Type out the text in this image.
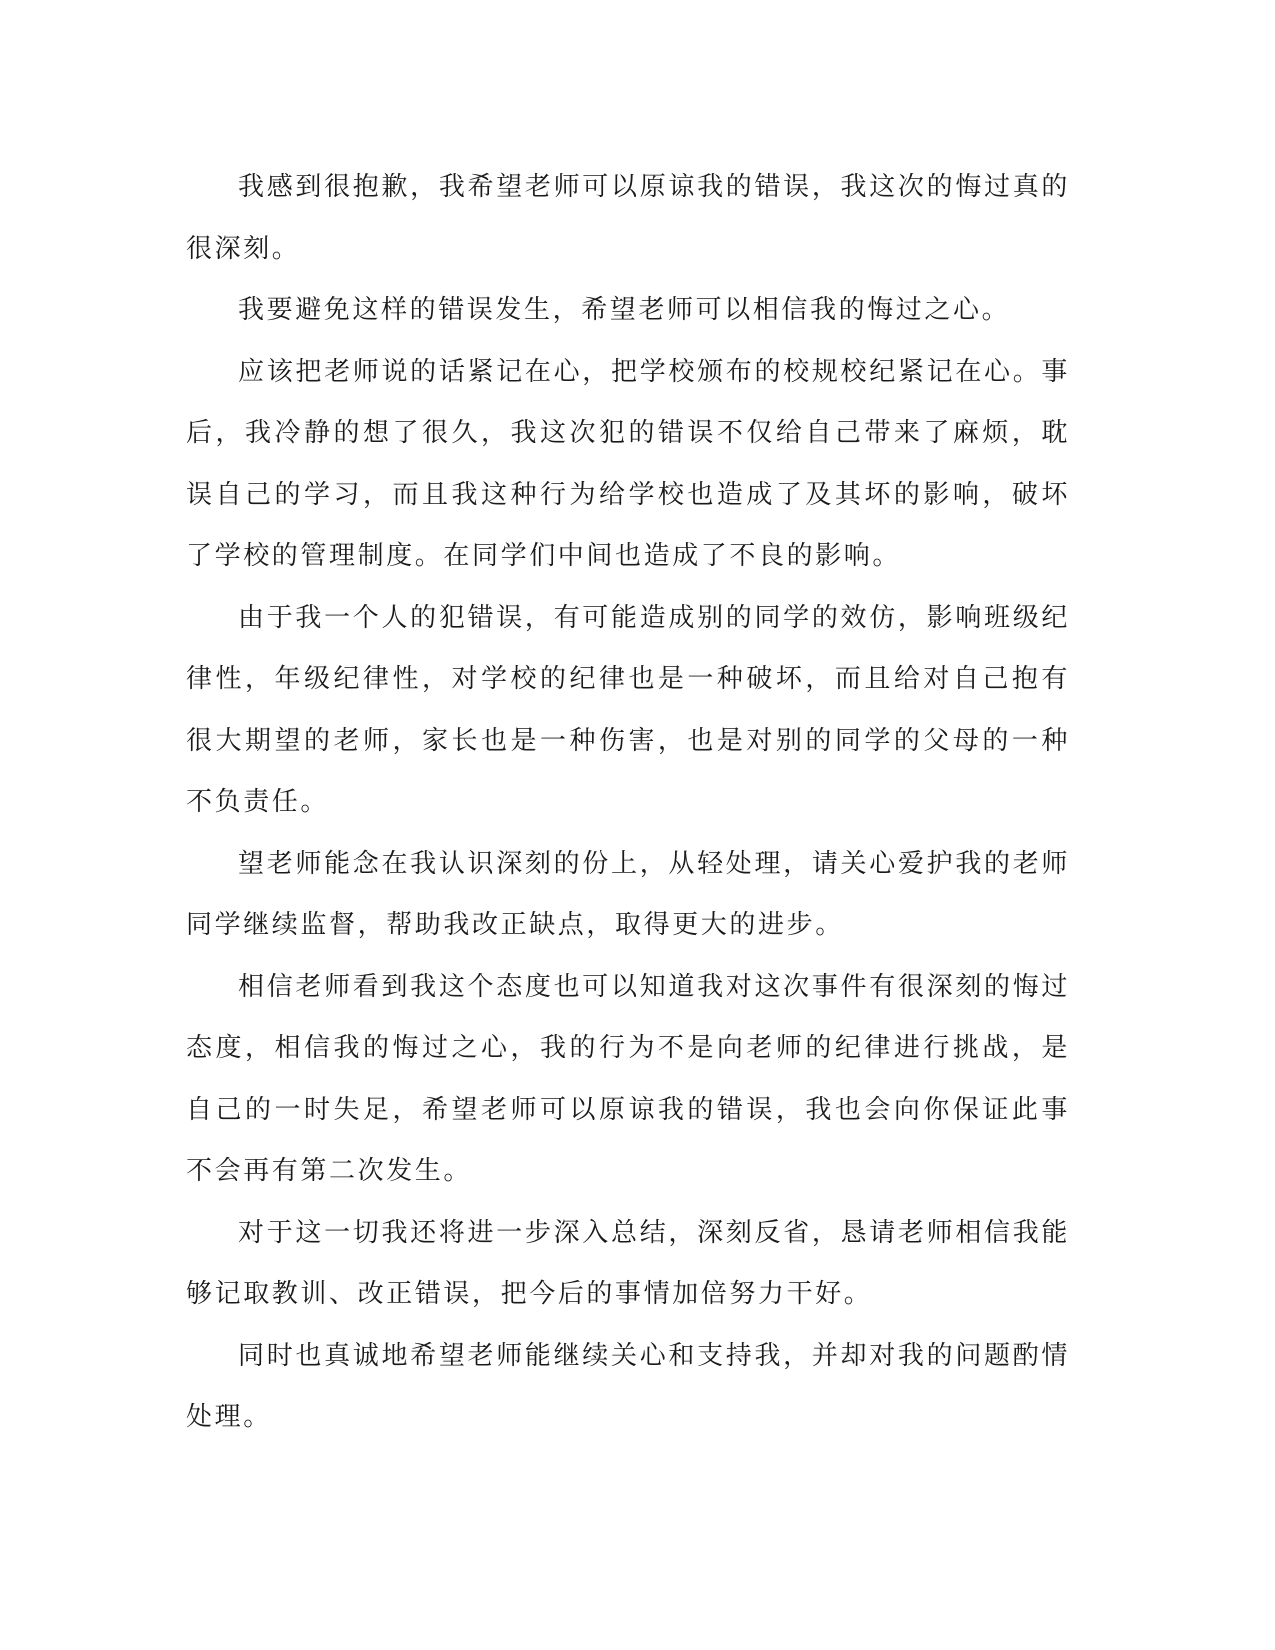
我感到很抱歉，我希望老师可以原谅我的错误，我这次的悔过真的很深刻。

我要避免这样的错误发生，希望老师可以相信我的悔过之心。

应该把老师说的话紧记在心，把学校颁布的校规校纪紧记在心。事后，我冷静的想了很久，我这次犯的错误不仅给自己带来了麻烦，耽误自己的学习，而且我这种行为给学校也造成了及其坏的影响，破坏了学校的管理制度。在同学们中间也造成了不良的影响。

由于我一个人的犯错误，有可能造成别的同学的效仿，影响班级纪律性，年级纪律性，对学校的纪律也是一种破坏，而且给对自己抱有很大期望的老师，家长也是一种伤害，也是对别的同学的父母的一种不负责任。

望老师能念在我认识深刻的份上，从轻处理，请关心爱护我的老师同学继续监督，帮助我改正缺点，取得更大的进步。

相信老师看到我这个态度也可以知道我对这次事件有很深刻的悔过态度，相信我的悔过之心，我的行为不是向老师的纪律进行挑战，是自己的一时失足，希望老师可以原谅我的错误，我也会向你保证此事不会再有第二次发生。

对于这一切我还将进一步深入总结，深刻反省，恳请老师相信我能够记取教训、改正错误，把今后的事情加倍努力干好。

同时也真诚地希望老师能继续关心和支持我，并却对我的问题酌情处理。
